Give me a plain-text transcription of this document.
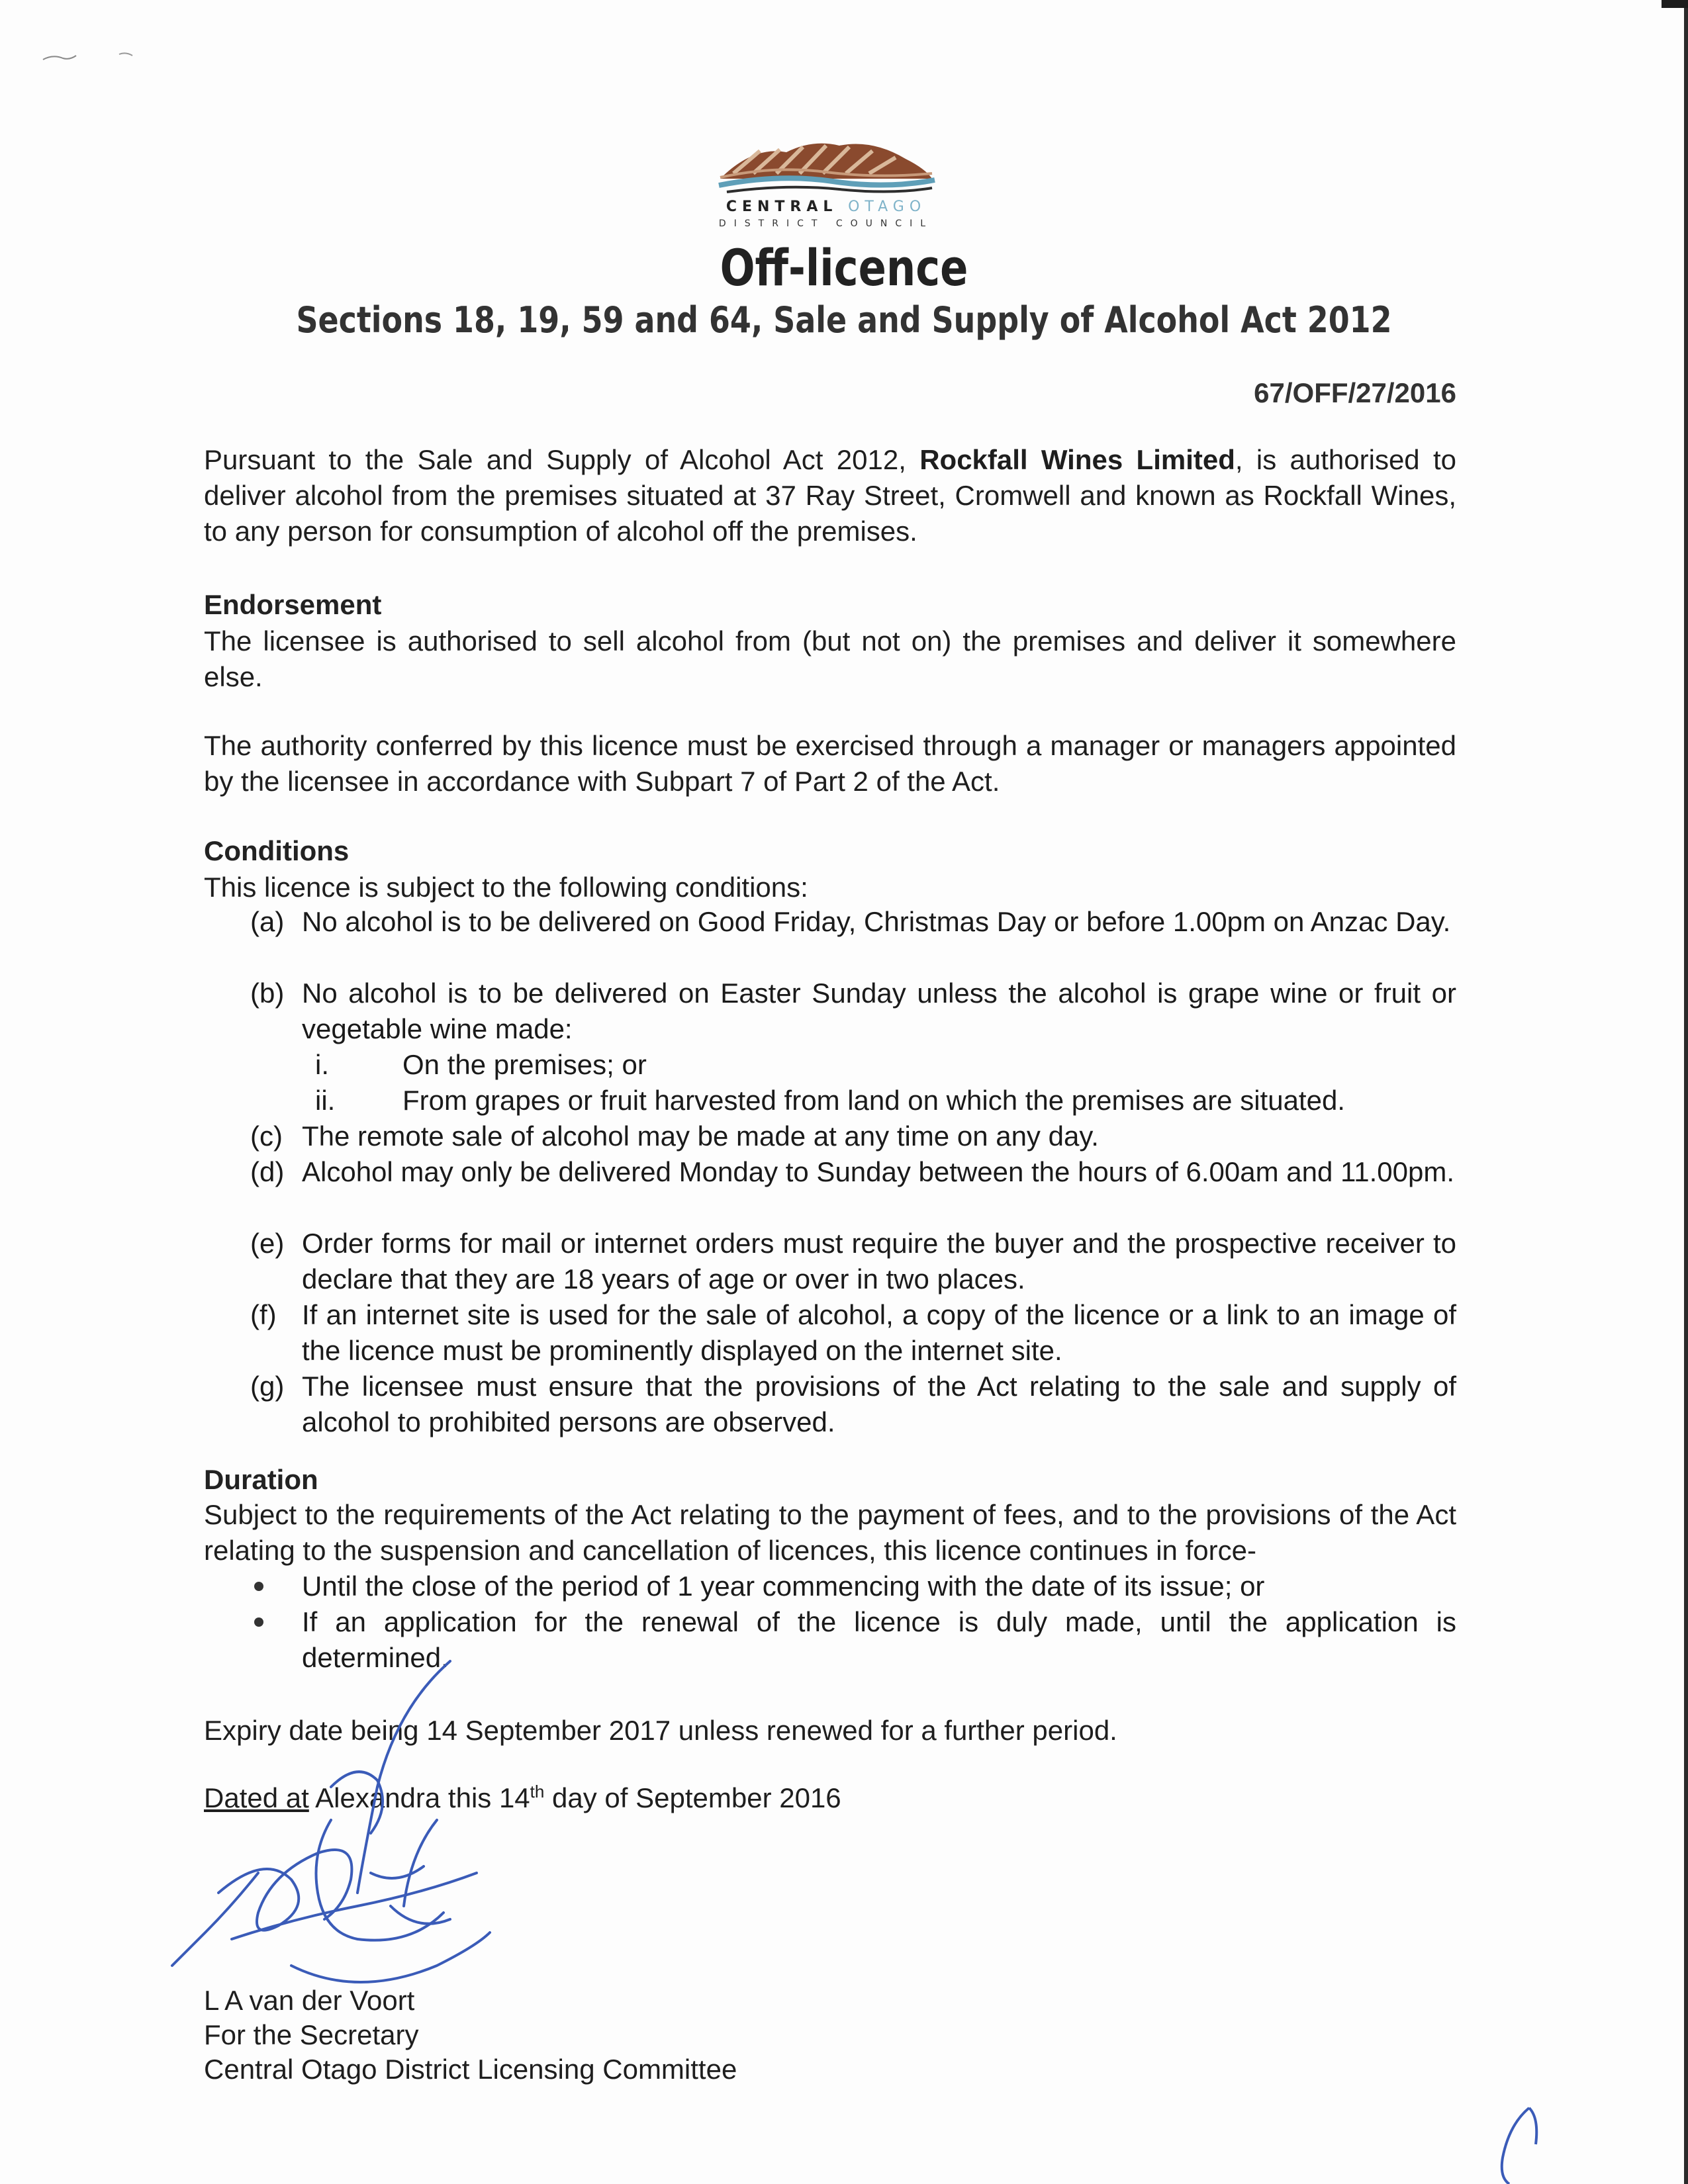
CENTRAL OTAGO
DISTRICT COUNCIL
Off-licence
Sections 18, 19, 59 and 64, Sale and Supply of Alcohol Act 2012
67/OFF/27/2016
Pursuant to the Sale and Supply of Alcohol Act 2012, Rockfall Wines Limited, is authorised to deliver alcohol from the premises situated at 37 Ray Street, Cromwell and known as Rockfall Wines, to any person for consumption of alcohol off the premises.
Endorsement
The licensee is authorised to sell alcohol from (but not on) the premises and deliver it somewhere else.
The authority conferred by this licence must be exercised through a manager or managers appointed by the licensee in accordance with Subpart 7 of Part 2 of the Act.
Conditions
This licence is subject to the following conditions:
(a) No alcohol is to be delivered on Good Friday, Christmas Day or before 1.00pm on Anzac Day.
(b) No alcohol is to be delivered on Easter Sunday unless the alcohol is grape wine or fruit or vegetable wine made:
i.	On the premises; or
ii. From grapes or fruit harvested from land on which the premises are situated.
(c) The remote sale of alcohol may be made at any time on any day.
(d) Alcohol may only be delivered Monday to Sunday between the hours of 6.00am and 11.00pm.
(e) Order forms for mail or internet orders must require the buyer and the prospective receiver to declare that they are 18 years of age or over in two places.
(f) If an internet site is used for the sale of alcohol, a copy of the licence or a link to an image of the licence must be prominently displayed on the internet site.
(g) The licensee must ensure that the provisions of the Act relating to the sale and supply of alcohol to prohibited persons are observed.
Duration
Subject to the requirements of the Act relating to the payment of fees, and to the provisions of the Act relating to the suspension and cancellation of licences, this licence continues in force-
Until the close of the period of 1 year commencing with the date of its issue; or
If an application for the renewal of the licence is duly made, until the application is determined.
Expiry date being 14 September 2017 unless renewed for a further period.
Dated at Alexandra this 14th day of September 2016
L A van der Voort
For the Secretary
Central Otago District Licensing Committee
